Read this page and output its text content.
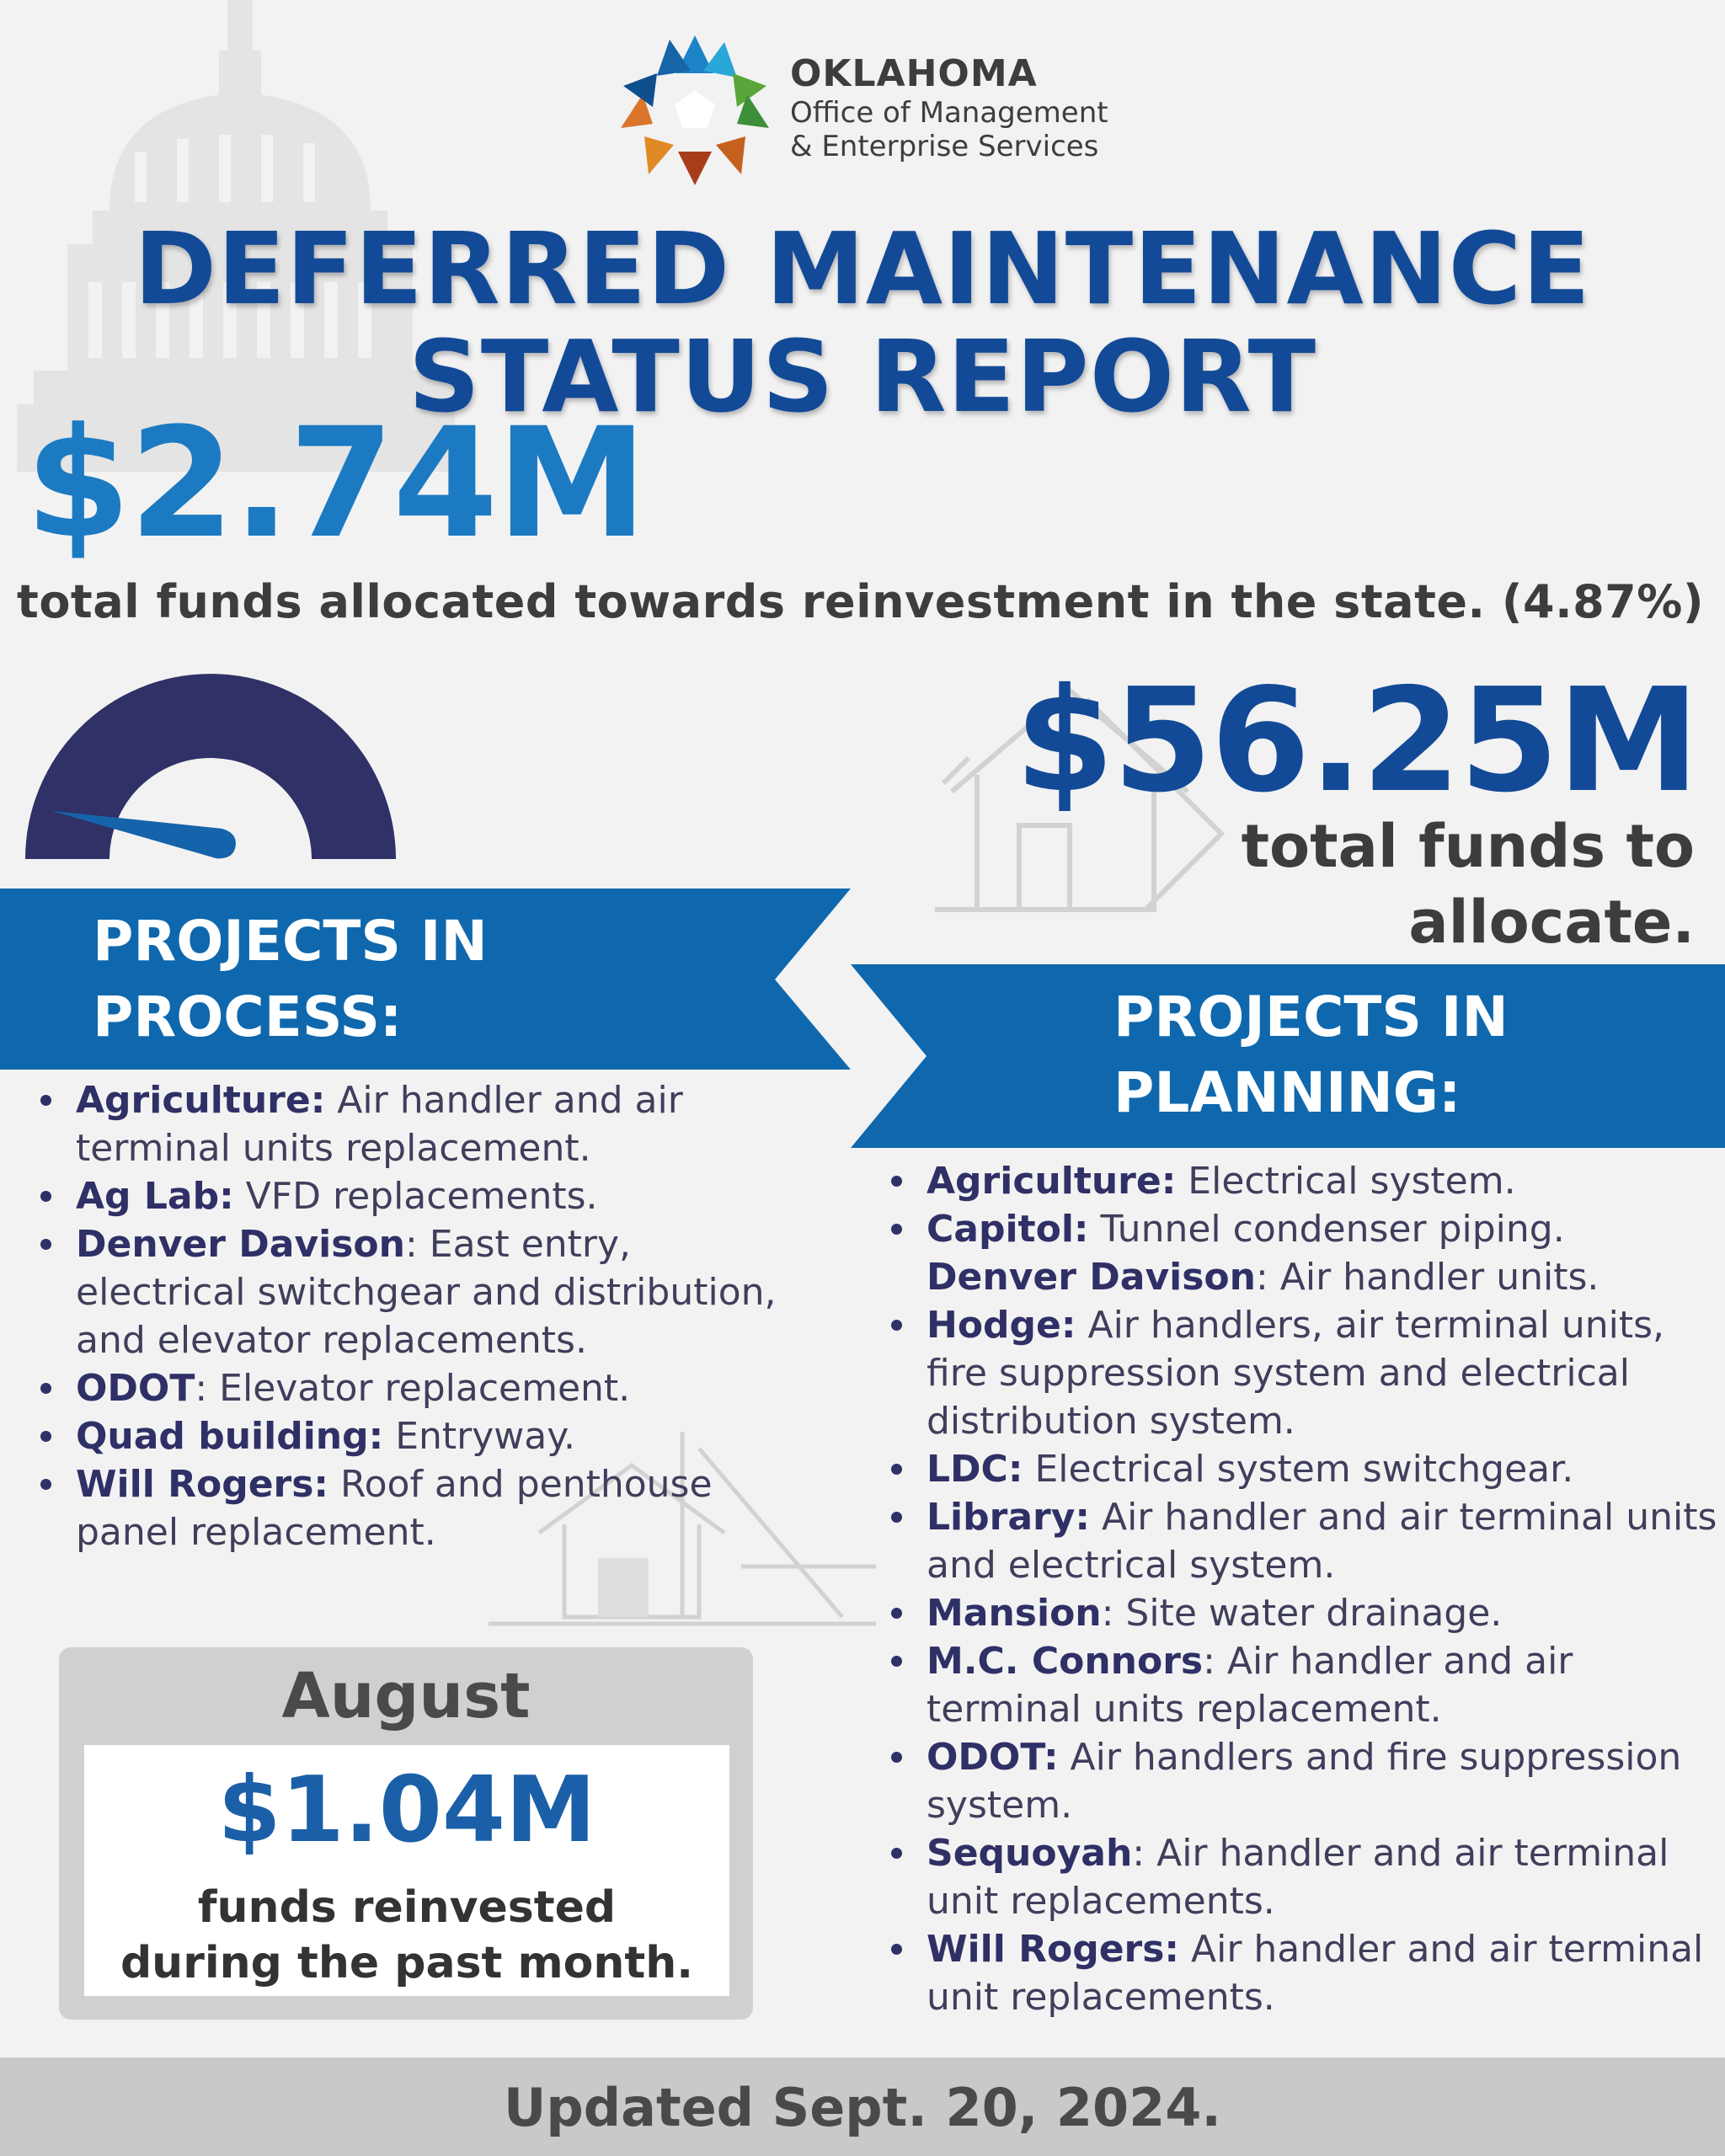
OKLAHOMA
Office of Management
& Enterprise Services
DEFERRED MAINTENANCE
STATUS REPORT
$2.74M
total funds allocated towards reinvestment in the state. (4.87%)
$56.25M
total funds to
allocate.
PROJECTS IN
PROCESS:	PROJECTS IN
PLANNING:
Agriculture: Air handler and air terminal units replacement.
Ag Lab: VFD replacements.
Denver Davison: East entry, electrical switchgear and distribution, and elevator replacements.
ODOT: Elevator replacement.
Quad building: Entryway.
Will Rogers: Roof and penthouse panel replacement.
Agriculture: Electrical system.
Capitol: Tunnel condenser piping.
Denver Davison: Air handler units.
Hodge: Air handlers, air terminal units, fire suppression system and electrical distribution system.
LDC: Electrical system switchgear.
Library: Air handler and air terminal units and electrical system.
Mansion: Site water drainage.
M.C. Connors: Air handler and air terminal units replacement.
ODOT: Air handlers and fire suppression system.
Sequoyah: Air handler and air terminal unit replacements.
Will Rogers: Air handler and air terminal unit replacements.
August
$1.04M
funds reinvested
during the past month.
Updated Sept. 20, 2024.
